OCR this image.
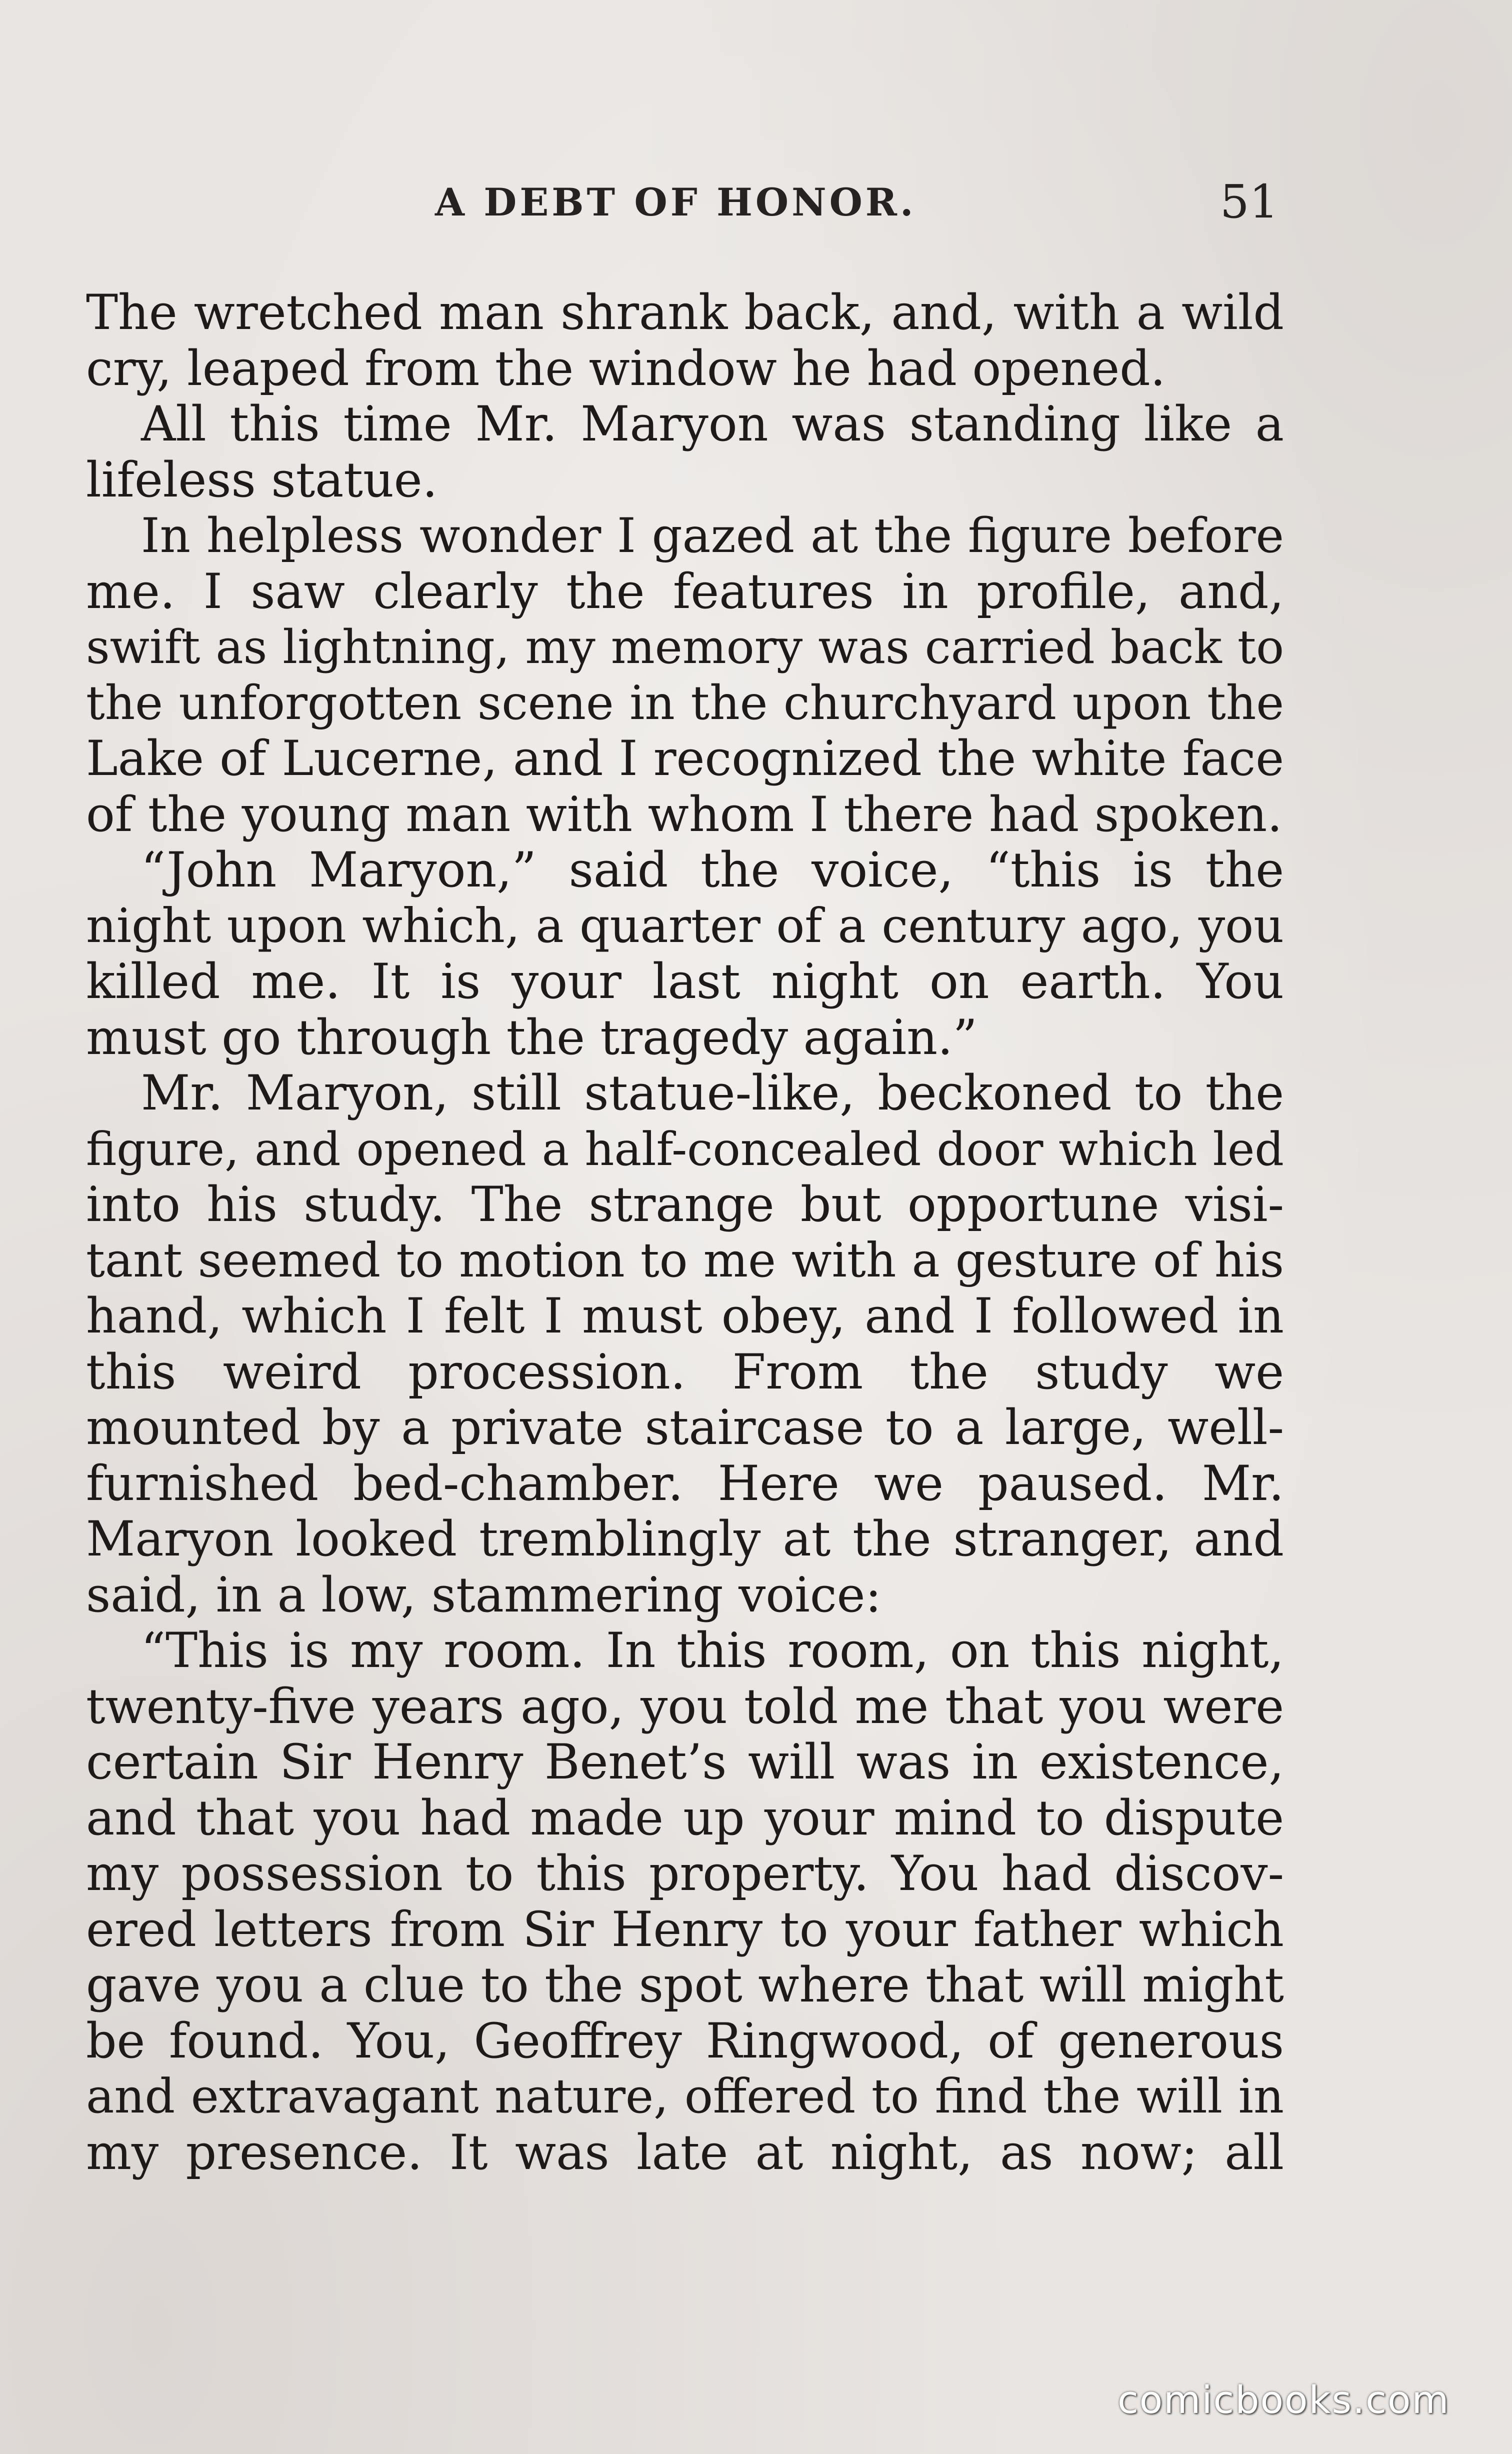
A DEBT OF HONOR.	51
The wretched man shrank back, and, with a wild
cry, leaped from the window he had opened.
All this time Mr. Maryon was standing like a
lifeless statue.
In helpless wonder I gazed at the figure before
me. I saw clearly the features in profile, and,
swift as lightning, my memory was carried back to
the unforgotten scene in the churchyard upon the
Lake of Lucerne, and I recognized the white face
of the young man with whom I there had spoken.
“John Maryon,” said the voice, “this is the
night upon which, a quarter of a century ago, you
killed me. It is your last night on earth. You
must go through the tragedy again.”
Mr. Maryon, still statue-like, beckoned to the
figure, and opened a half-concealed door which led
into his study. The strange but opportune visi-
tant seemed to motion to me with a gesture of his
hand, which I felt I must obey, and I followed in
this weird procession. From the study we
mounted by a private staircase to a large, well-
furnished bed-chamber. Here we paused. Mr.
Maryon looked tremblingly at the stranger, and
said, in a low, stammering voice:
“This is my room. In this room, on this night,
twenty-five years ago, you told me that you were
certain Sir Henry Benet’s will was in existence,
and that you had made up your mind to dispute
my possession to this property. You had discov-
ered letters from Sir Henry to your father which
gave you a clue to the spot where that will might
be found. You, Geoffrey Ringwood, of generous
and extravagant nature, offered to find the will in
my presence. It was late at night, as now; all
comicbooks.com
